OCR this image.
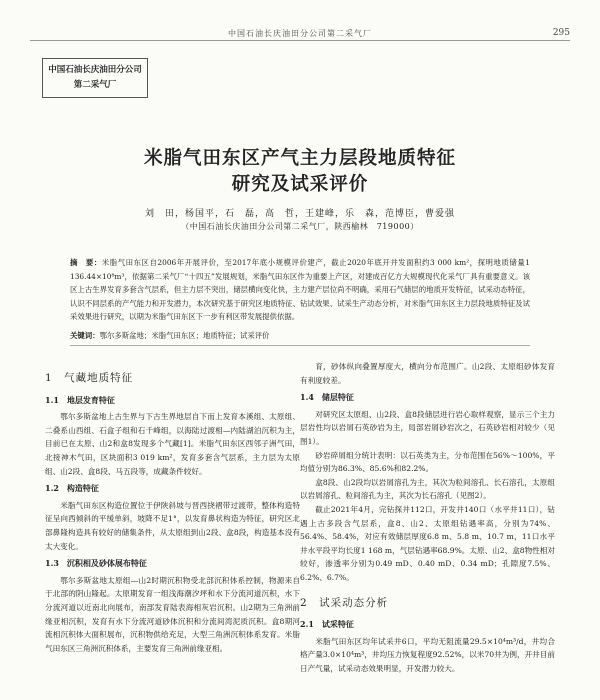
中国石油长庆油田分公司第二采气厂	295
中国石油长庆油田分公司
第二采气厂
米脂气田东区产气主力层段地质特征
研究及试采评价
刘　田，杨国平，石　磊，高　哲，王建峰，乐　森，范博臣，曹爱强
（中国石油长庆油田分公司第二采气厂，陕西榆林　719000）
摘　要：米脂气田东区自2006年开展评价，至2017年底小规模评价建产，截止2020年底开井发面积约3 000 km²，探明地质储量1 136.44×10⁸m³，依据第二采气厂“十四五”发展规划，米脂气田东区作为重要上产区，对建成百亿方大规模现代化采气厂具有重要意义。该区上古生界发育多套含气层系，但主力层不突出，储层横向变化快，主力建产层位尚不明确，采用石气储层的地质开发特征，试采动态特征，认识不同层系的产气能力和开发潜力，本次研究基于研究区地质特征、钻试效果、试采生产动态分析，对米脂气田东区主力层段地质特征及试采效果进行研究，以期为米脂气田东区下一步有利区带发展提供依据。
关键词：鄂尔多斯盆地；米脂气田东区；地质特征；试采评价
1　气藏地质特征
1.1　地层发育特征

鄂尔多斯盆地上古生界与下古生界地层自下而上发育本溪组、太原组、二叠系山西组、石盒子组和石千峰组，以海陆过渡相—内陆湖泊沉积为主，目前已在太原、山2和盒8发现多个气藏[1]。米脂气田东区西邻子洲气田，北接神木气田，区块面积3 019 km²，发育多套含气层系，主力层为太原组、山2段、盒8段、马五段等，成藏条件较好。

1.2　构造特征

米脂气田东区构造位置位于伊陕斜坡与晋西挠褶带过渡带，整体构造特征呈向西倾斜的平缓单斜，坡降不足1°，以发育鼻状构造为特征，研究区北部鼻隆构造具有较好的储集条件，从太原组到山2段、盒8段，构造基本没有太大变化。

1.3　沉积相及砂体展布特征

鄂尔多斯盆地太原组—山2时期沉积物受北部沉积体系控制，物源来自于北部的阴山隆起。太原期发育一组浅海潮汐坪和水下分流河道沉积，水下分流河道以近南北向展布，南部发育陆表海相灰岩沉积。山2期为三角洲前缘亚相沉积，发育有水下分流河道砂体沉积和分流间湾泥质沉积。盒8期河流相沉积体大面积展布，沉积物供给充足，大型三角洲沉积体系发育。米脂气田东区三角洲沉积体系，主要发育三角洲前缘亚相。

育，砂体纵向叠置厚度大，横向分布范围广。山2段、太原组砂体发育有利度较差。

1.4　储层特征

对研究区太原组、山2段、盒8段储层进行岩心取样观察，显示三个主力层岩性均以岩屑石英砂岩为主，局部岩屑砂岩次之，石英砂岩相对较少（见图1）。

砂岩碎屑组分统计表明：以石英类为主，分布范围在56%～100%，平均值分别为86.3%、85.6%和82.2%。

盒8段、山2段均以岩屑溶孔为主，其次为粒间溶孔、长石溶孔，太原组以岩屑溶孔、粒间溶孔为主，其次为长石溶孔（见图2）。

截止2021年4月，完钻探井112口，开发井140口（水平井11口），钻遇上古多段含气层系，盒8、山2、太原组钻遇率高，分别为74%、56.4%、58.4%，对应有效储层厚度6.8 m、5.8 m、10.7 m，11口水平井水平段平均长度1 168 m，气层钻遇率68.9%。太原、山2、盒8物性相对较好，渗透率分别为0.49 mD、0.40 mD、0.34 mD；孔隙度7.5%、6.2%、6.7%。

2　试采动态分析
2.1　试采特征

米脂气田东区均年试采井6口，平均无阻流量29.5×10⁴m³/d，井均合格产量3.0×10⁴m³，井均压力恢复程度92.52%，以米70井为例，开井目前日产气量，试采动态效果明显，开发潜力较大。
